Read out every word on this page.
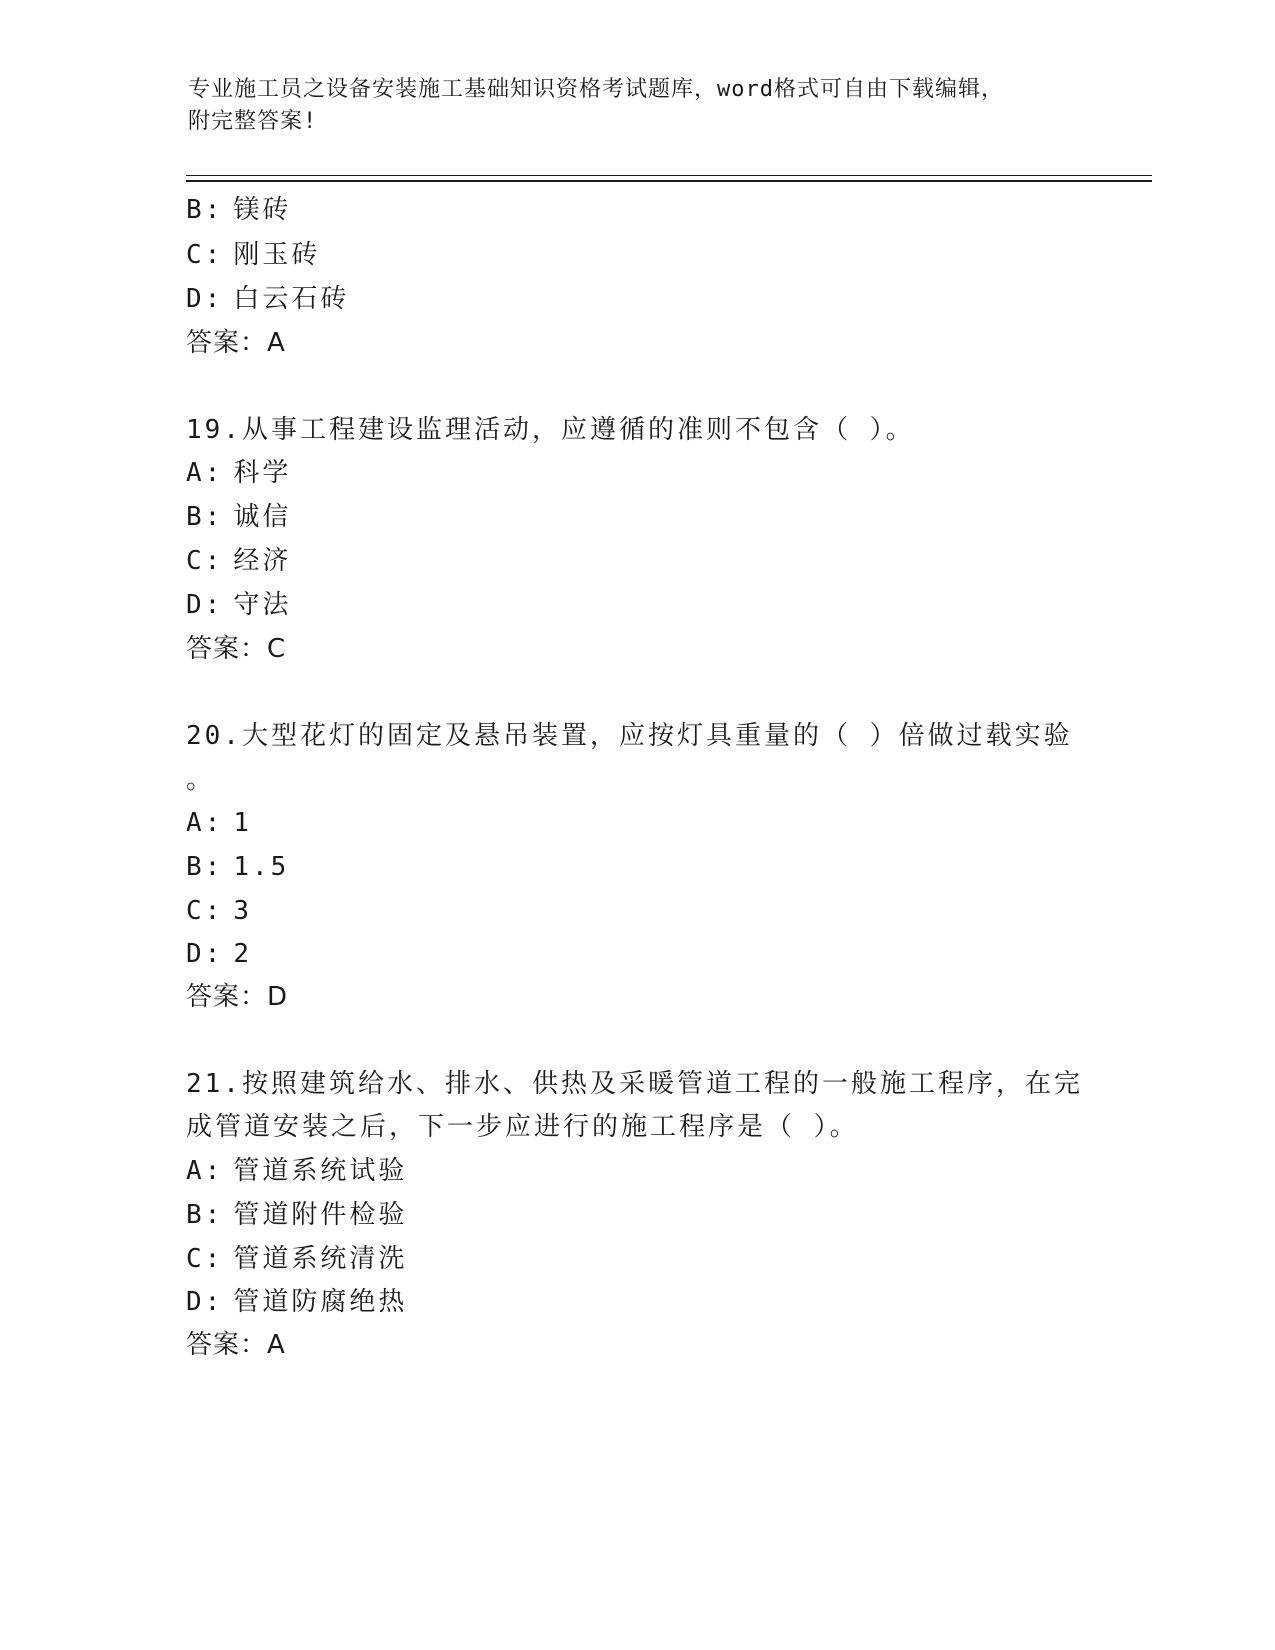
专业施工员之设备安装施工基础知识资格考试题库，word格式可自由下载编辑，
附完整答案!
B: 镁砖
C: 刚玉砖
D: 白云石砖
答案：A
19.从事工程建设监理活动，应遵循的准则不包含（ ）。
A: 科学
B: 诚信
C: 经济
D: 守法
答案：C
20.大型花灯的固定及悬吊装置，应按灯具重量的（ ）倍做过载实验
。
A: 1
B: 1.5
C: 3
D: 2
答案：D
21.按照建筑给水、排水、供热及采暖管道工程的一般施工程序，在完
成管道安装之后，下一步应进行的施工程序是（ ）。
A: 管道系统试验
B: 管道附件检验
C: 管道系统清洗
D: 管道防腐绝热
答案：A
